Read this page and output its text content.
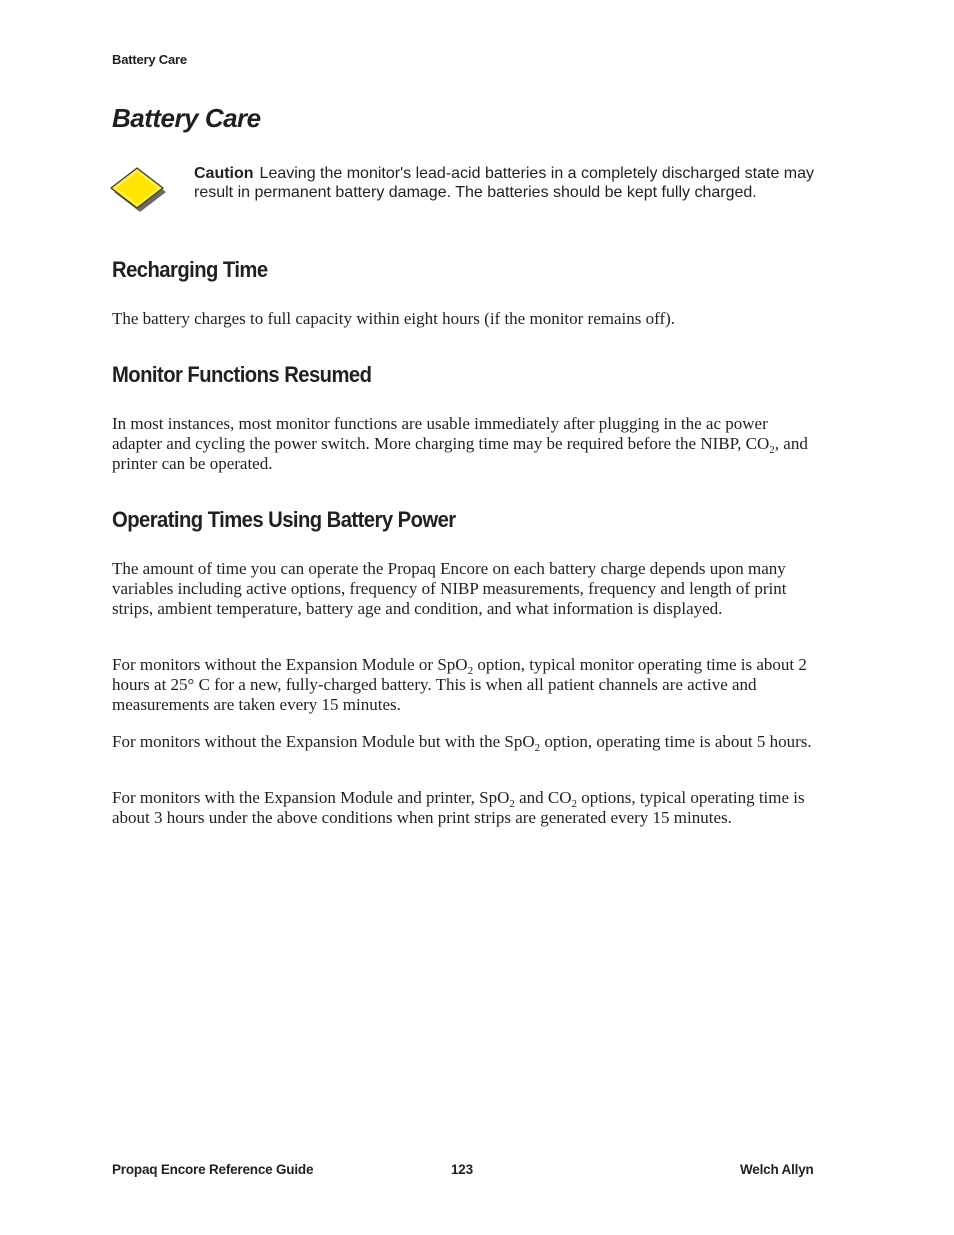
Battery Care
Battery Care
Caution Leaving the monitor's lead-acid batteries in a completely discharged state may result in permanent battery damage. The batteries should be kept fully charged.
Recharging Time

The battery charges to full capacity within eight hours (if the monitor remains off).

Monitor Functions Resumed

In most instances, most monitor functions are usable immediately after plugging in the ac power adapter and cycling the power switch. More charging time may be required before the NIBP, $CO_2$, and printer can be operated.

Operating Times Using Battery Power

The amount of time you can operate the Propaq Encore on each battery charge depends upon many variables including active options, frequency of NIBP measurements, frequency and length of print strips, ambient temperature, battery age and condition, and what information is displayed.

For monitors without the Expansion Module or SpO$_2$ option, typical monitor operating time is about 2 hours at 25° C for a new, fully-charged battery. This is when all patient channels are active and measurements are taken every 15 minutes.

For monitors without the Expansion Module but with the SpO$_2$ option, operating time is about 5 hours.

For monitors with the Expansion Module and printer, SpO$_2$ and $CO_2$ options, typical operating time is about 3 hours under the above conditions when print strips are generated every 15 minutes.

Propaq Encore Reference Guide	123	Welch Allyn
